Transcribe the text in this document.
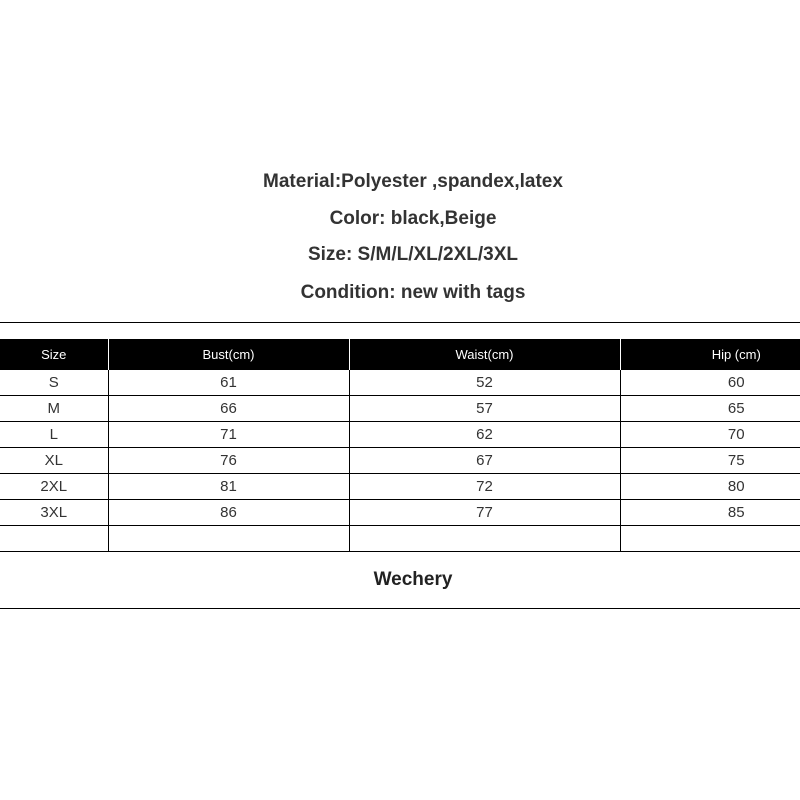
Material:Polyester ,spandex,latex
Color: black,Beige
Size: S/M/L/XL/2XL/3XL
Condition: new with tags
Size	Bust(cm)	Waist(cm)	Hip (cm)
S	61	52	60
M	66	57	65
L	71	62	70
XL	76	67	75
2XL	81	72	80
3XL	86	77	85

Wechery
